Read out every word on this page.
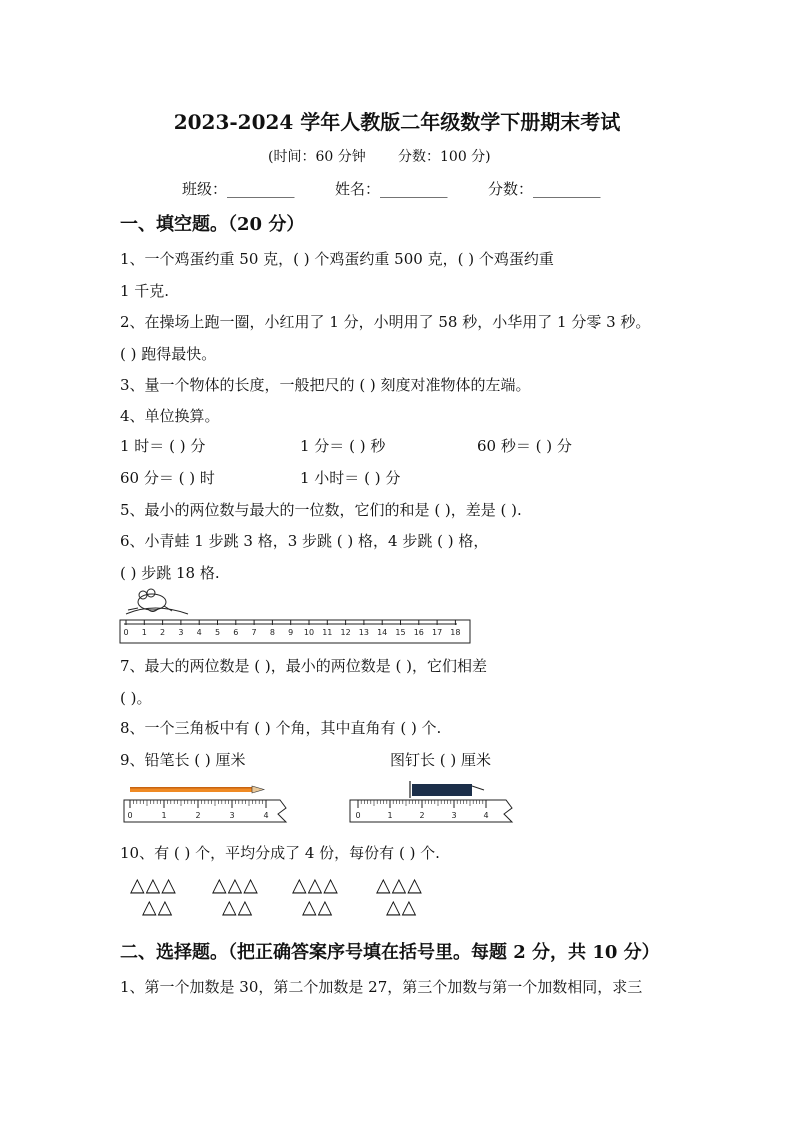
2023-2024 学年人教版二年级数学下册期末考试
(时间：60 分钟 分数：100 分)
班级：_________	姓名：_________	分数：_________
一、填空题。（20 分）
1、一个鸡蛋约重 50 克，( ) 个鸡蛋约重 500 克，( ) 个鸡蛋约重
1 千克.
2、在操场上跑一圈，小红用了 1 分，小明用了 58 秒，小华用了 1 分零 3 秒。
( ) 跑得最快。
3、量一个物体的长度，一般把尺的 ( ) 刻度对准物体的左端。
4、单位换算。
1 时＝ ( ) 分	1 分＝ ( ) 秒	60 秒＝ ( ) 分
60 分＝ ( ) 时	1 小时＝ ( ) 分
5、最小的两位数与最大的一位数，它们的和是 ( )，差是 ( ).
6、小青蛙 1 步跳 3 格，3 步跳 ( ) 格，4 步跳 ( ) 格，
( ) 步跳 18 格.
0 1 2 3 4 5 6 7 8 9 10 11 12 13 14 15 16 17 18
7、最大的两位数是 ( )，最小的两位数是 ( )，它们相差
( )。
8、一个三角板中有 ( ) 个角，其中直角有 ( ) 个.
9、铅笔长 ( ) 厘米	图钉长 ( ) 厘米
0	1	2	3	4	0	1	2	3	4
10、有 ( ) 个，平均分成了 4 份，每份有 ( ) 个.
△△△
△△
△△△
△△
△△△
△△
△△△
△△
二、选择题。（把正确答案序号填在括号里。每题 2 分，共 10 分）
1、第一个加数是 30，第二个加数是 27，第三个加数与第一个加数相同，求三
